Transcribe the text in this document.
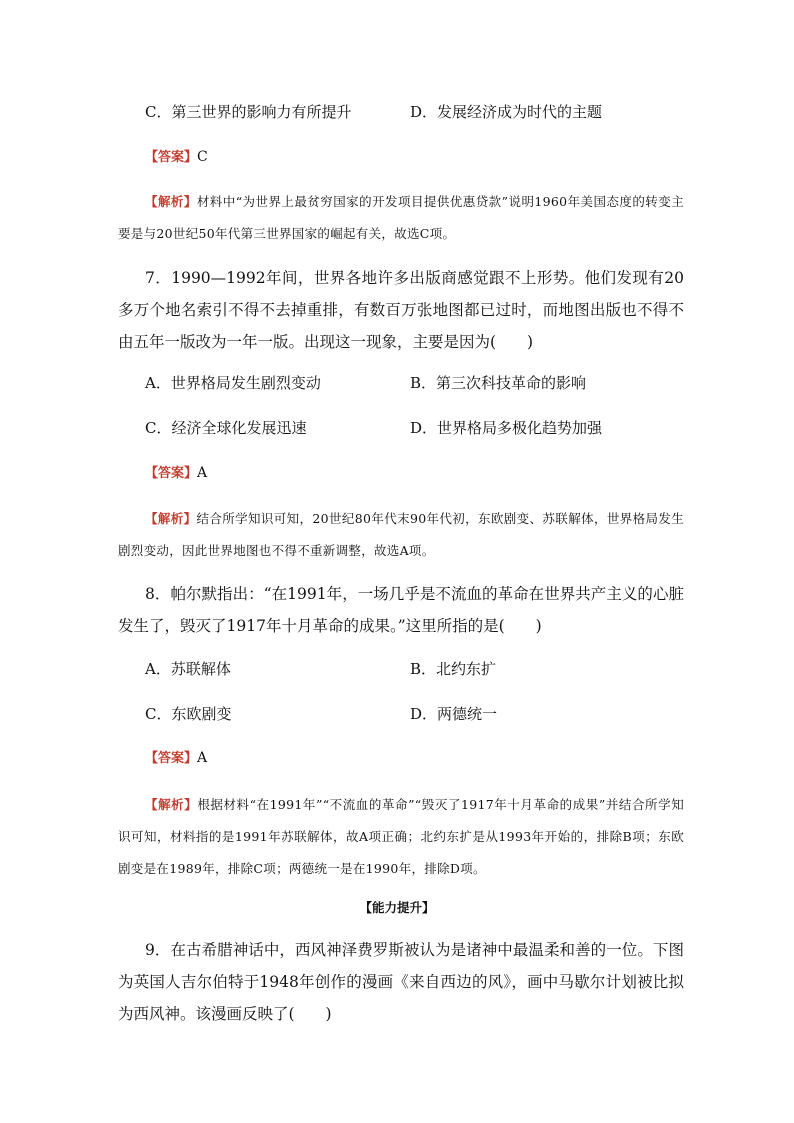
C．第三世界的影响力有所提升	D．发展经济成为时代的主题
【答案】C
【解析】材料中“为世界上最贫穷国家的开发项目提供优惠贷款”说明1960年美国态度的转变主要是与20世纪50年代第三世界国家的崛起有关，故选C项。
7．1990—1992年间，世界各地许多出版商感觉跟不上形势。他们发现有20多万个地名索引不得不去掉重排，有数百万张地图都已过时，而地图出版也不得不由五年一版改为一年一版。出现这一现象，主要是因为(　　)
A．世界格局发生剧烈变动	B．第三次科技革命的影响
C．经济全球化发展迅速	D．世界格局多极化趋势加强
【答案】A
【解析】结合所学知识可知，20世纪80年代末90年代初，东欧剧变、苏联解体，世界格局发生剧烈变动，因此世界地图也不得不重新调整，故选A项。
8．帕尔默指出：“在1991年，一场几乎是不流血的革命在世界共产主义的心脏发生了，毁灭了1917年十月革命的成果。”这里所指的是(　　)
A．苏联解体	B．北约东扩
C．东欧剧变	D．两德统一
【答案】A
【解析】根据材料“在1991年”“不流血的革命”“毁灭了1917年十月革命的成果”并结合所学知识可知，材料指的是1991年苏联解体，故A项正确；北约东扩是从1993年开始的，排除B项；东欧剧变是在1989年，排除C项；两德统一是在1990年，排除D项。
【能力提升】
9．在古希腊神话中，西风神泽费罗斯被认为是诸神中最温柔和善的一位。下图为英国人吉尔伯特于1948年创作的漫画《来自西边的风》，画中马歇尔计划被比拟为西风神。该漫画反映了(　　)
